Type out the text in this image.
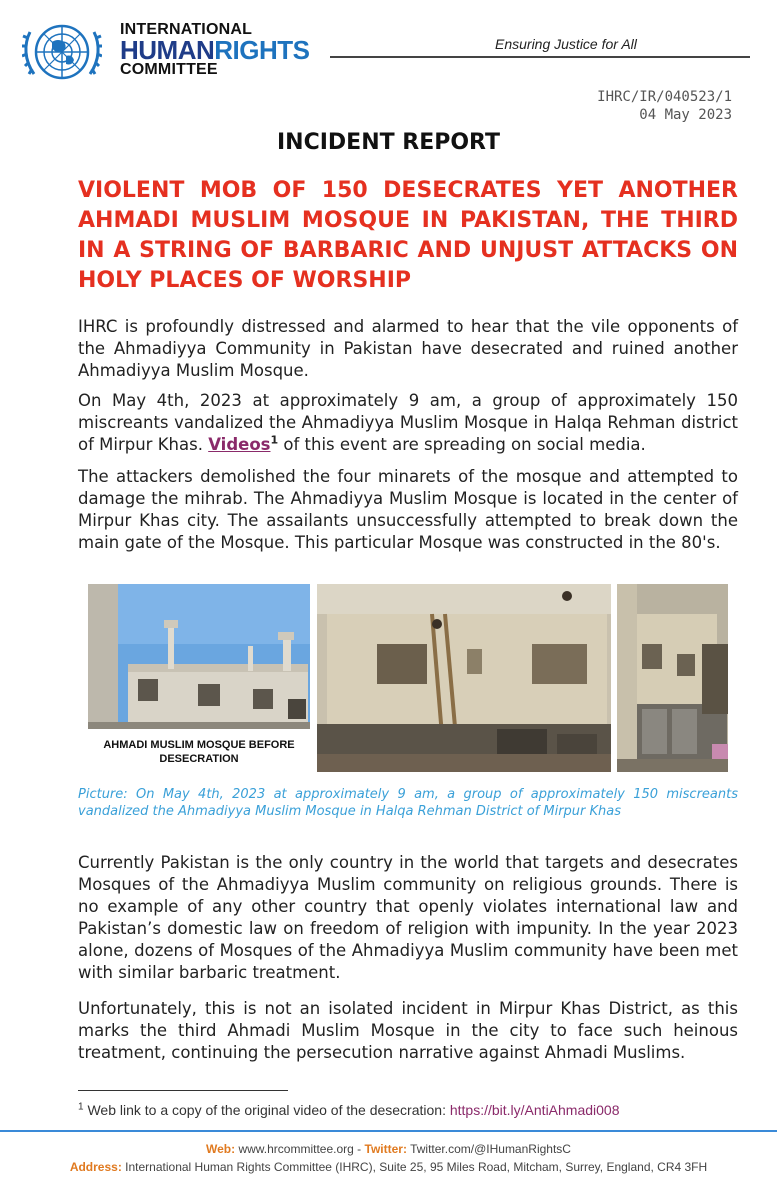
INTERNATIONAL
HUMANRIGHTS
COMMITTEE
Ensuring Justice for All
IHRC/IR/040523/1
04 May 2023
INCIDENT REPORT
VIOLENT MOB OF 150 DESECRATES YET ANOTHER AHMADI MUSLIM MOSQUE IN PAKISTAN, THE THIRD IN A STRING OF BARBARIC AND UNJUST ATTACKS ON HOLY PLACES OF WORSHIP

IHRC is profoundly distressed and alarmed to hear that the vile opponents of the Ahmadiyya Community in Pakistan have desecrated and ruined another Ahmadiyya Muslim Mosque.

On May 4th, 2023 at approximately 9 am, a group of approximately 150 miscreants vandalized the Ahmadiyya Muslim Mosque in Halqa Rehman district of Mirpur Khas. Videos$^1$ of this event are spreading on social media.

The attackers demolished the four minarets of the mosque and attempted to damage the mihrab. The Ahmadiyya Muslim Mosque is located in the center of Mirpur Khas city. The assailants unsuccessfully attempted to break down the main gate of the Mosque. This particular Mosque was constructed in the 80's.

AHMADI MUSLIM MOSQUE BEFORE DESECRATION
Picture: On May 4th, 2023 at approximately 9 am, a group of approximately 150 miscreants vandalized the Ahmadiyya Muslim Mosque in Halqa Rehman District of Mirpur Khas

Currently Pakistan is the only country in the world that targets and desecrates Mosques of the Ahmadiyya Muslim community on religious grounds. There is no example of any other country that openly violates international law and Pakistan’s domestic law on freedom of religion with impunity. In the year 2023 alone, dozens of Mosques of the Ahmadiyya Muslim community have been met with similar barbaric treatment.

Unfortunately, this is not an isolated incident in Mirpur Khas District, as this marks the third Ahmadi Muslim Mosque in the city to face such heinous treatment, continuing the persecution narrative against Ahmadi Muslims.

$^1$ Web link to a copy of the original video of the desecration: https://bit.ly/AntiAhmadi008
Web: www.hrcommittee.org - Twitter: Twitter.com/@IHumanRightsC
Address: International Human Rights Committee (IHRC), Suite 25, 95 Miles Road, Mitcham, Surrey, England, CR4 3FH
